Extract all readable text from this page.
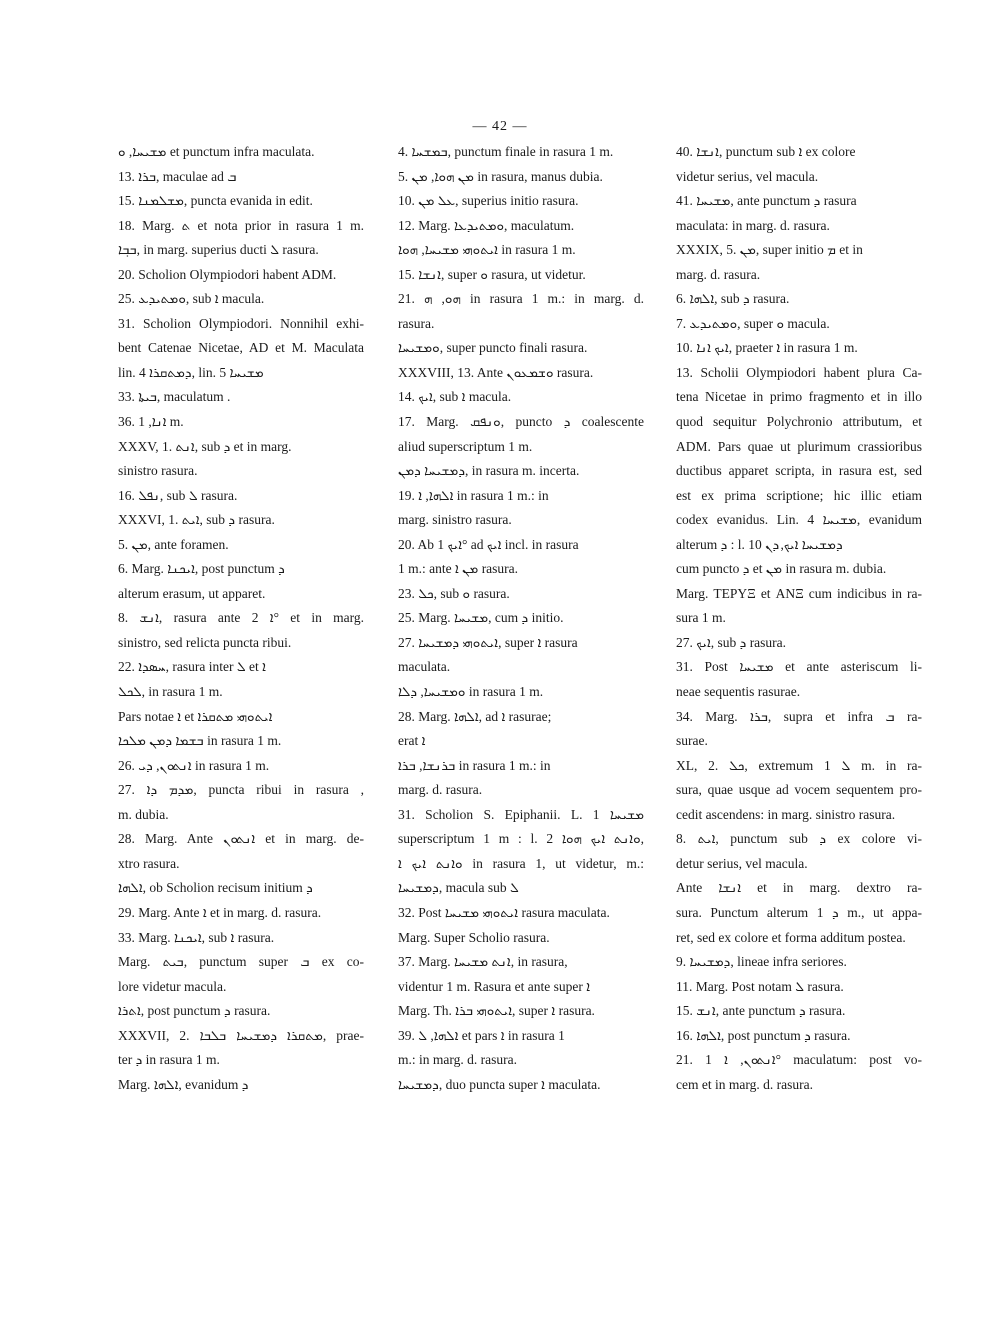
— 42 —
ܡܫܝܚܐ, ܘ et punctum infra maculata.
13. ܒܪܐ, maculae ad ܒ
15. ܡܫܠܡܢܐ, puncta evanida in edit.
18. Marg. ܬ et nota prior in rasura 1 m.
ܒܒ݂ܐ, in marg. superius ducti ܠ rasura.
20. Scholion Olympiodori habent ADM.
25. ܘܡܬܝܕܥ, sub ܐ macula.
31. Scholion Olympiodori. Nonnihil exhi-
bent Catenae Nicetae, AD et M. Maculata
lin. 4 ܕܡܬܩܪܐ, lin. 5 ܡܫܝܚܐ
33. ܒܝܬܐ, maculatum .
36. ܐܢܐ, 1 m.
XXXV, 1. ܐܢܬ, sub ܕ et in marg.
sinistro rasura.
16. ܢܦܠ, sub ܠ rasura.
XXXVI, 1. ܐܝܬ, sub ܕ rasura.
5. ܡܢ, ante foramen.
6. Marg. ܐܝܟܢܐ, post punctum ܕ
alterum erasum, ut apparet.
8. ܐܢܫ, rasura ante ܐ 2° et in marg.
sinistro, sed relicta puncta ribui.
22. ܚܣܕܐ, rasura inter ܠ et ܐ
ܠܟܠ, in rasura 1 m.
Pars notae ܐ et ܐܝܬܘܗܝ ܡܬܩܪܐ
ܒܫܡܐ ܕܡܢ ܡܠܟܐ in rasura 1 m.
26. ܐܢܬܘܢ, ܕܝ in rasura 1 m.
27. ܡܕܡ ܕܐ, puncta ribui in rasura ,
m. dubia.
28. Marg. Ante ܐܢܬܘܢ et in marg. de-
xtro rasura.
ܐܠܗܐ, ob Scholion recisum initium ܕ
29. Marg. Ante ܐ et in marg. d. rasura.
33. Marg. ܐܝܟܢܐ, sub ܐ rasura.
Marg. ܒܝܬ, punctum super ܒ ex co-
lore videtur macula.
ܐܬܪܐ, post punctum ܕ rasura.
XXXVII, 2. ܡܬܩܪܐ ܕܡܫܝܚܐ ܒܠܒܐ, prae-
ter ܕ in rasura 1 m.
Marg. ܐܠܗܐ, evanidum ܕ
4. ܒܡܫܚܐ, punctum finale in rasura 1 m.
5. ܡܢ ܗܘܐ, ܡܢ in rasura, manus dubia.
10. ܥܠ ܡܢ, superius initio rasura.
12. Marg. ܘܡܬܝܕܥܐ, maculatum.
ܐܝܬܘܗܝ ܡܫܝܚܐ, ܗܘܐ in rasura 1 m.
15. ܐܢܫܐ, super ܘ rasura, ut videtur.
21. ܗܘ, ܗ in rasura 1 m.: in marg. d.
rasura.
ܘܡܫܝܚܐ, super puncto finali rasura.
XXXVIII, 13. Ante ܘܫܡܥܘܢ rasura.
14. ܐܝܟ, sub ܐ macula.
17. Marg. ܘܢܦܩ, puncto ܕ coalescente
aliud superscriptum 1 m.
ܕܡܫܝܚܐ ܕܡܢ, in rasura m. incerta.
19. ܐܠܗܐ, ܐ in rasura 1 m.: in
marg. sinistro rasura.
20. Ab ܐܝܟ 1° ad ܐܝܟ incl. in rasura
1 m.: ante ܡܢ ܐ rasura.
23. ܟܠ, sub ܘ rasura.
25. Marg. ܡܫܝܚܐ, cum ܕ initio.
27. ܐܝܬܘܗܝ ܕܡܫܝܚܐ, super ܐ rasura
maculata.
ܘܡܫܝܚܐ, ܕܠܐ in rasura 1 m.
28. Marg. ܐܠܗܐ, ad ܐ rasurae;
erat ܐ
ܒܪܢܫܐ, ܒܪܐ in rasura 1 m.: in
marg. d. rasura.
31. Scholion S. Epiphanii. L. 1 ܡܫܝܚܐ
superscriptum 1 m : l. 2 ܘܐܢܬ ܐܝܟ ܗܘܐ,
ܘܐܢܬ ܐܝܟ ܐ in rasura 1, ut videtur, m.:
ܕܡܫܝܚܐ, macula sub ܠ
32. Post ܐܝܬܘܗܝ ܡܫܝܚܐ rasura maculata.
Marg. Super Scholio rasura.
37. Marg. ܐܢܬ ܡܫܝܚܐ, in rasura,
videntur 1 m. Rasura et ante super ܐ
Marg. Th. ܐܝܬܘܗܝ ܒܪܐ, super ܐ rasura.
39. ܐܠܗܐ, ܠ et pars ܐ in rasura 1
m.: in marg. d. rasura.
ܕܡܫܝܚܐ, duo puncta super ܐ maculata.
40. ܐܢܫܐ, punctum sub ܐ ex colore
videtur serius, vel macula.
41. ܡܫܝܚܐ, ante punctum ܕ rasura
maculata: in marg. d. rasura.
XXXIX, 5. ܡܢ, super initio ܡ et in
marg. d. rasura.
6. ܐܠܗܐ, sub ܕ rasura.
7. ܘܡܬܝܕܥ, super ܘ macula.
10. ܐܝܟ ܐܢܐ, praeter ܐ in rasura 1 m.
13. Scholii Olympiodori habent plura Ca-
tena Nicetae in primo fragmento et in illo
quod sequitur Polychronio attributum, et
ADM. Pars quae ut plurimum crassioribus
ductibus apparet scripta, in rasura est, sed
est ex prima scriptione; hic illic etiam
codex evanidus. Lin. 4 ܡܫܝܚܐ, evanidum
alterum ܕ : l. 10 ܕܡܫܝܚܐ ܐܝܟ, ܕܢ
cum puncto ܕ et ܡܢ in rasura m. dubia.
Marg. ΤΕΡΥΞ et ΑΝΞ cum indicibus in ra-
sura 1 m.
27. ܐܝܟ, sub ܕ rasura.
31. Post ܡܫܝܚܐ et ante asteriscum li-
neae sequentis rasurae.
34. Marg. ܒܪܐ, supra et infra ܒ ra-
surae.
XL, 2. ܟܠ, extremum ܠ 1 m. in ra-
sura, quae usque ad vocem sequentem pro-
cedit ascendens: in marg. sinistro rasura.
8. ܐܝܬ, punctum sub ܕ ex colore vi-
detur serius, vel macula.
Ante ܐܢܫܐ et in marg. dextro ra-
sura. Punctum alterum ܕ 1 m., ut appa-
ret, sed ex colore et forma additum postea.
9. ܕܡܫܝܚܐ, lineae infra seriores.
11. Marg. Post notam ܠ rasura.
15. ܐܢܫ, ante punctum ܕ rasura.
16. ܐܠܗܐ, post punctum ܕ rasura.
21. ܐܢܬܘܢ, ܐ 1° maculatum: post vo-
cem et in marg. d. rasura.
